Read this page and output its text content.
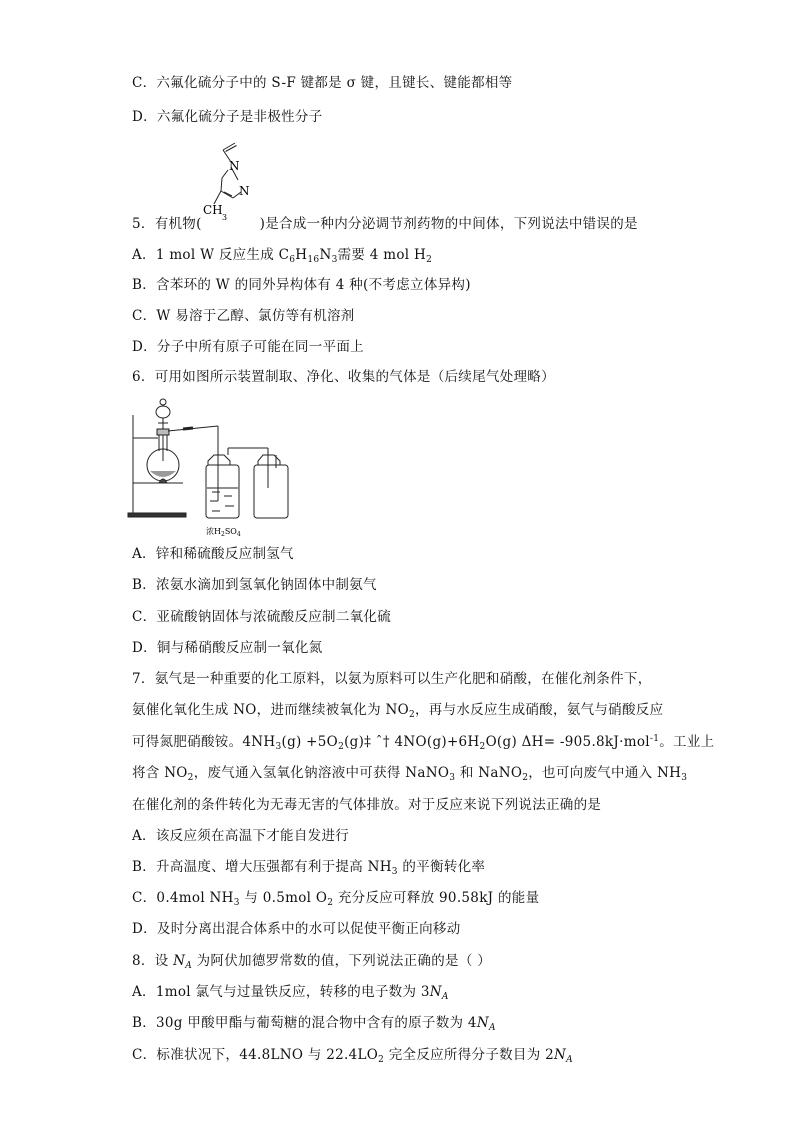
C．六氟化硫分子中的 S-F 键都是 σ 键，且键长、键能都相等
D．六氟化硫分子是非极性分子
N
N
CH
3
5．有机物(	)是合成一种内分泌调节剂药物的中间体，下列说法中错误的是
A．1 mol W 反应生成 $C_6H_{16}N_3$需要 4 mol $H_2$
B．含苯环的 W 的同外异构体有 4 种(不考虑立体异构)
C．W 易溶于乙醇、氯仿等有机溶剂
D．分子中所有原子可能在同一平面上
6．可用如图所示装置制取、净化、收集的气体是（后续尾气处理略）
浓$H_2SO_4$
A．锌和稀硫酸反应制氢气
B．浓氨水滴加到氢氧化钠固体中制氨气
C．亚硫酸钠固体与浓硫酸反应制二氧化硫
D．铜与稀硝酸反应制一氧化氮
7．氨气是一种重要的化工原料，以氨为原料可以生产化肥和硝酸，在催化剂条件下，
氨催化氧化生成 NO，进而继续被氧化为 $NO_2$，再与水反应生成硝酸，氨气与硝酸反应
可得氮肥硝酸铵。$4NH_3(g)$ $+5O_2(g)\ddagger$ ˆ† $4NO(g)+6H_2O(g)$ ΔH= -905.8kJ·mol$^{-1}$。工业上
将含 $NO_2$，废气通入氢氧化钠溶液中可获得 NaNO$_3$ 和 NaNO$_2$，也可向废气中通入 $NH_3$
在催化剂的条件转化为无毒无害的气体排放。对于反应来说下列说法正确的是
A．该反应须在高温下才能自发进行
B．升高温度、增大压强都有利于提高 $NH_3$ 的平衡转化率
C．0.4mol $NH_3$ 与 0.5mol $O_2$ 充分反应可释放 90.58kJ 的能量
D．及时分离出混合体系中的水可以促使平衡正向移动
8．设 $N_A$ 为阿伏加德罗常数的值，下列说法正确的是（ ）
A．1mol 氯气与过量铁反应，转移的电子数为 $3N_A$
B．30g 甲酸甲酯与葡萄糖的混合物中含有的原子数为 $4N_A$
C．标准状况下，44.8LNO 与 $22.4LO_2$ 完全反应所得分子数目为 $2N_A$
